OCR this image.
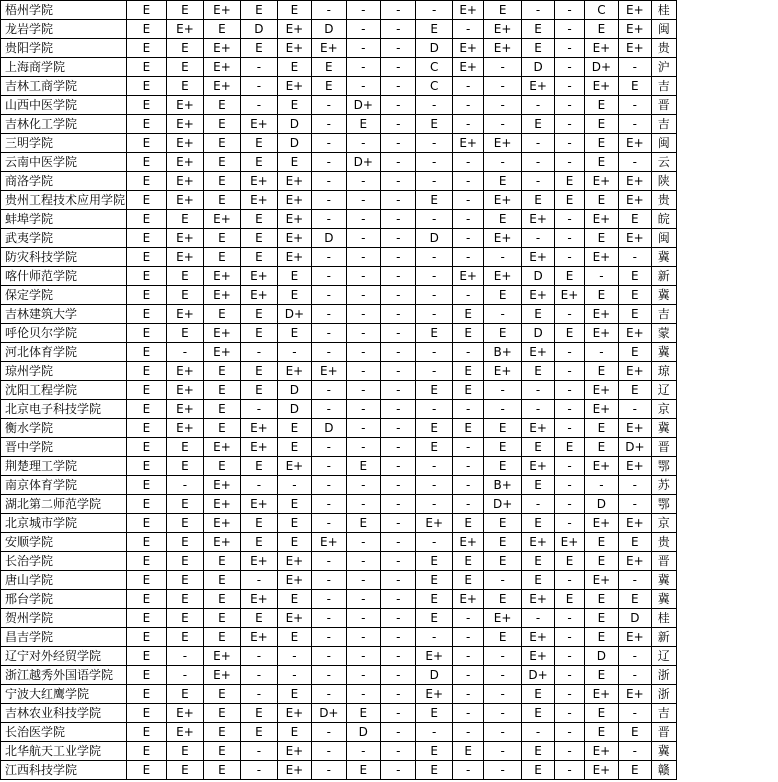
梧州学院	E	E	E+	E	E	-	-	-	-	E+	E	-	-	C	E+	桂
龙岩学院	E	E+	E	D	E+	D	-	-	E	-	E+	E	-	E	E+	闽
贵阳学院	E	E	E+	E	E+	E+	-	-	D	E+	E+	E	-	E+	E+	贵
上海商学院	E	E	E+	-	E	E	-	-	C	E+	-	D	-	D+	-	沪
吉林工商学院	E	E	E+	-	E+	E	-	-	C	-	-	E+	-	E+	E	吉
山西中医学院	E	E+	E	-	E	-	D+	-	-	-	-	-	-	E	-	晋
吉林化工学院	E	E+	E	E+	D	-	E	-	E	-	-	E	-	E	-	吉
三明学院	E	E+	E	E	D	-	-	-	-	E+	E+	-	-	E	E+	闽
云南中医学院	E	E+	E	E	E	-	D+	-	-	-	-	-	-	E	-	云
商洛学院	E	E+	E	E+	E+	-	-	-	-	-	E	-	E	E+	E+	陕
贵州工程技术应用学院	E	E+	E	E+	E+	-	-	-	E	-	E+	E	E	E	E+	贵
蚌埠学院	E	E	E+	E	E+	-	-	-	-	-	E	E+	-	E+	E	皖
武夷学院	E	E+	E	E	E+	D	-	-	D	-	E+	-	-	E	E+	闽
防灾科技学院	E	E+	E	E	E+	-	-	-	-	-	-	E+	-	E+	-	冀
喀什师范学院	E	E	E+	E+	E	-	-	-	-	E+	E+	D	E	-	E	新
保定学院	E	E	E+	E+	E	-	-	-	-	-	E	E+	E+	E	E	冀
吉林建筑大学	E	E+	E	E	D+	-	-	-	-	E	-	E	-	E+	E	吉
呼伦贝尔学院	E	E	E+	E	E	-	-	-	E	E	E	D	E	E+	E+	蒙
河北体育学院	E	-	E+	-	-	-	-	-	-	-	B+	E+	-	-	E	冀
琼州学院	E	E+	E	E	E+	E+	-	-	-	E	E+	E	-	E	E+	琼
沈阳工程学院	E	E+	E	E	D	-	-	-	E	E	-	-	-	E+	E	辽
北京电子科技学院	E	E+	E	-	D	-	-	-	-	-	-	-	-	E+	-	京
衡水学院	E	E+	E	E+	E	D	-	-	E	E	E	E+	-	E	E+	冀
晋中学院	E	E	E+	E+	E	-	-	-	E	-	E	E	E	E	D+	晋
荆楚理工学院	E	E	E	E	E+	-	E	-	-	-	E	E+	-	E+	E+	鄂
南京体育学院	E	-	E+	-	-	-	-	-	-	-	B+	E	-	-	-	苏
湖北第二师范学院	E	E	E+	E+	E	-	-	-	-	-	D+	-	-	D	-	鄂
北京城市学院	E	E	E+	E	E	-	E	-	E+	E	E	E	-	E+	E+	京
安顺学院	E	E	E+	E	E	E+	-	-	-	E+	E	E+	E+	E	E	贵
长治学院	E	E	E	E+	E+	-	-	-	E	E	E	E	E	E	E+	晋
唐山学院	E	E	E	-	E+	-	-	-	E	E	-	E	-	E+	-	冀
邢台学院	E	E	E	E+	E	-	-	-	E	E+	E	E+	E	E	E	冀
贺州学院	E	E	E	E	E+	-	-	-	E	-	E+	-	-	E	D	桂
昌吉学院	E	E	E	E+	E	-	-	-	-	-	E	E+	-	E	E+	新
辽宁对外经贸学院	E	-	E+	-	-	-	-	-	E+	-	-	E+	-	D	-	辽
浙江越秀外国语学院	E	-	E+	-	-	-	-	-	D	-	-	D+	-	E	-	浙
宁波大红鹰学院	E	E	E	-	E	-	-	-	E+	-	-	E	-	E+	E+	浙
吉林农业科技学院	E	E+	E	E	E+	D+	E	-	E	-	-	E	-	E	-	吉
长治医学院	E	E+	E	E	E	-	D	-	-	-	-	-	-	E	E	晋
北华航天工业学院	E	E	E	-	E+	-	-	-	E	E	-	E	-	E+	-	冀
江西科技学院	E	E	E	-	E+	-	E	-	E	-	-	E	-	E+	E	赣
